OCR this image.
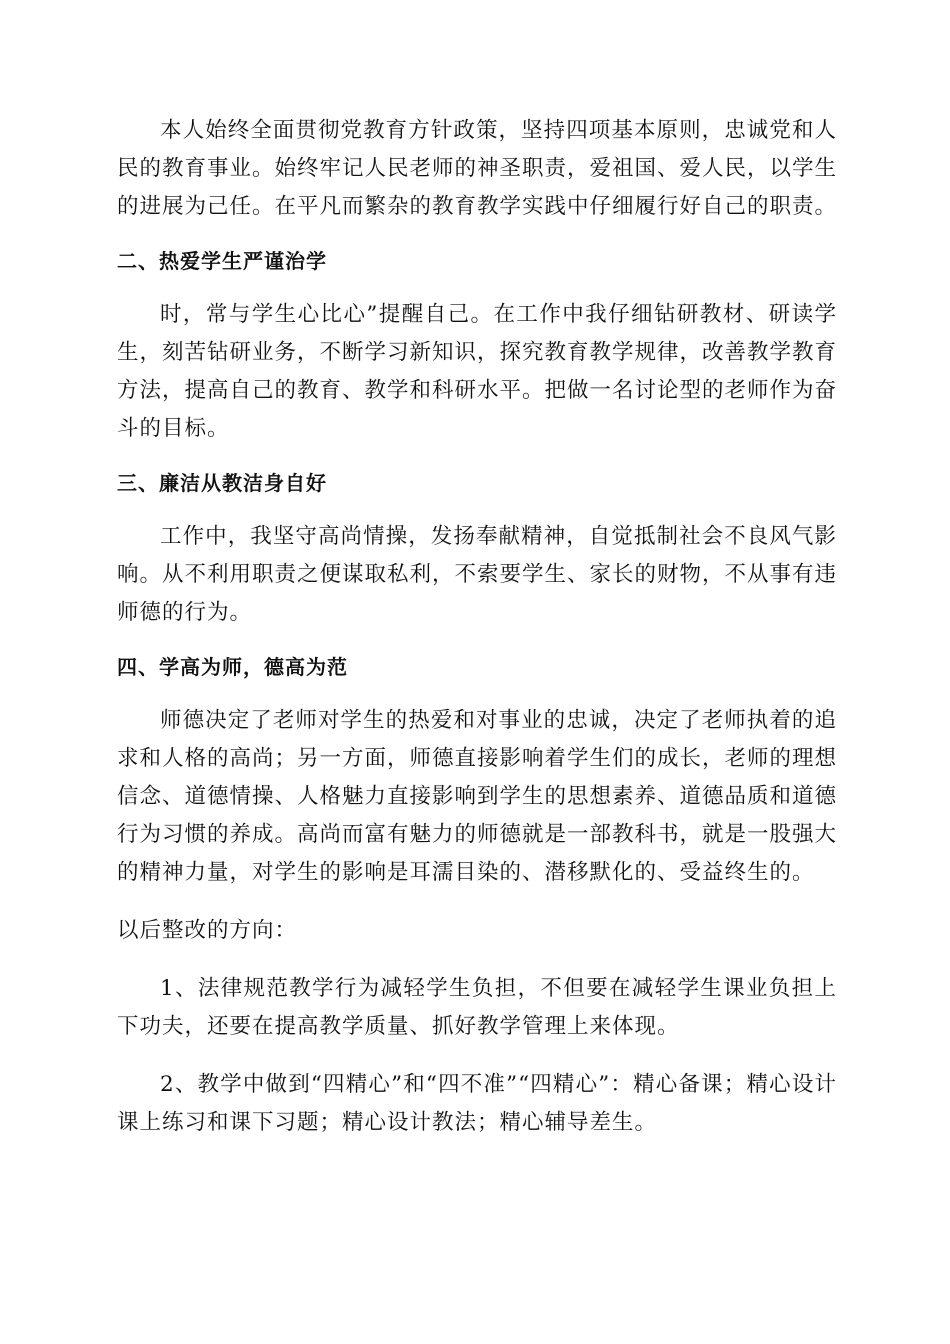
本人始终全面贯彻党教育方针政策，坚持四项基本原则，忠诚党和人民的教育事业。始终牢记人民老师的神圣职责，爱祖国、爱人民，以学生的进展为己任。在平凡而繁杂的教育教学实践中仔细履行好自己的职责。

二、热爱学生严谨治学

时，常与学生心比心”提醒自己。在工作中我仔细钻研教材、研读学生，刻苦钻研业务，不断学习新知识，探究教育教学规律，改善教学教育方法，提高自己的教育、教学和科研水平。把做一名讨论型的老师作为奋斗的目标。

三、廉洁从教洁身自好

工作中，我坚守高尚情操，发扬奉献精神，自觉抵制社会不良风气影响。从不利用职责之便谋取私利，不索要学生、家长的财物，不从事有违师德的行为。

四、学高为师，德高为范

师德决定了老师对学生的热爱和对事业的忠诚，决定了老师执着的追求和人格的高尚；另一方面，师德直接影响着学生们的成长，老师的理想信念、道德情操、人格魅力直接影响到学生的思想素养、道德品质和道德行为习惯的养成。高尚而富有魅力的师德就是一部教科书，就是一股强大的精神力量，对学生的影响是耳濡目染的、潜移默化的、受益终生的。

以后整改的方向：

1、法律规范教学行为减轻学生负担，不但要在减轻学生课业负担上下功夫，还要在提高教学质量、抓好教学管理上来体现。

2、教学中做到“四精心”和“四不准”“四精心”：精心备课；精心设计课上练习和课下习题；精心设计教法；精心辅导差生。
